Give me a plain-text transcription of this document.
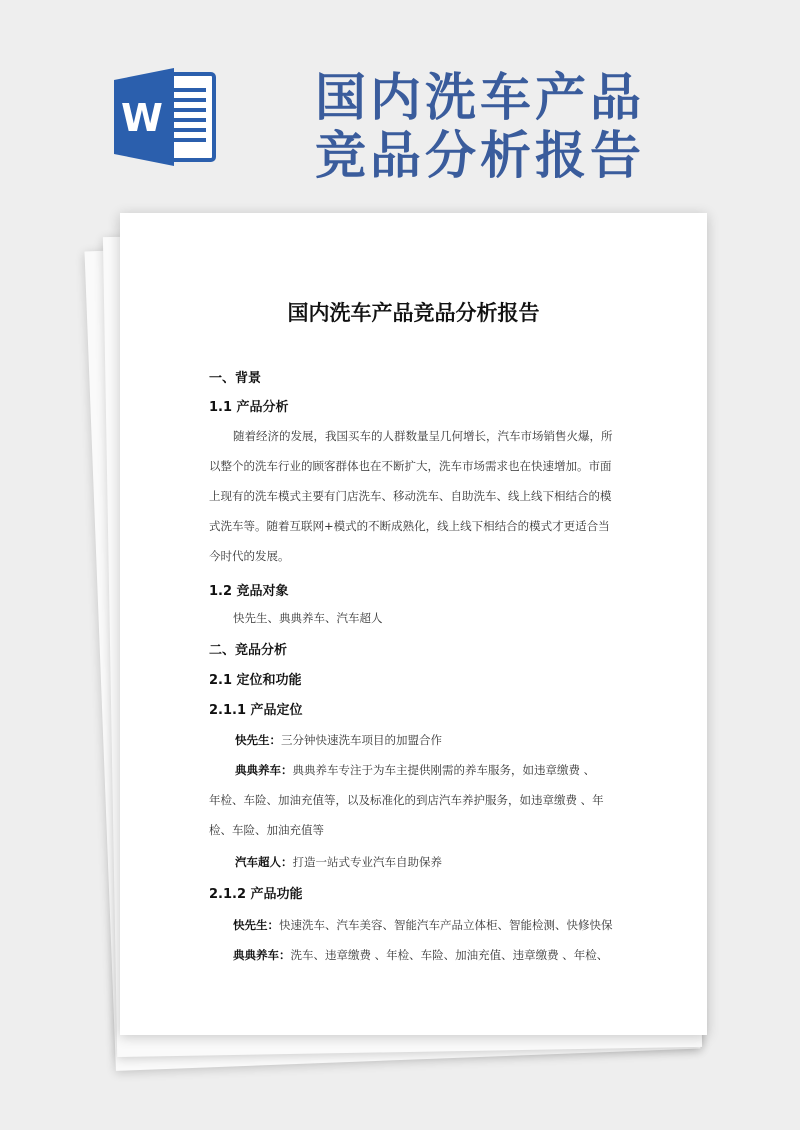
W	国内洗车产品
竞品分析报告
国内洗车产品竞品分析报告
一、背景
1.1 产品分析
随着经济的发展，我国买车的人群数量呈几何增长，汽车市场销售火爆，所
以整个的洗车行业的顾客群体也在不断扩大，洗车市场需求也在快速增加。市面
上现有的洗车模式主要有门店洗车、移动洗车、自助洗车、线上线下相结合的模
式洗车等。随着互联网+模式的不断成熟化，线上线下相结合的模式才更适合当
今时代的发展。
1.2 竞品对象
快先生、典典养车、汽车超人
二、竞品分析
2.1 定位和功能
2.1.1 产品定位
快先生：三分钟快速洗车项目的加盟合作
典典养车：典典养车专注于为车主提供刚需的养车服务，如违章缴费 、
年检、车险、加油充值等，以及标准化的到店汽车养护服务，如违章缴费 、年
检、车险、加油充值等
汽车超人：打造一站式专业汽车自助保养
2.1.2 产品功能
快先生：快速洗车、汽车美容、智能汽车产品立体柜、智能检测、快修快保
典典养车：洗车、违章缴费 、年检、车险、加油充值、违章缴费 、年检、
